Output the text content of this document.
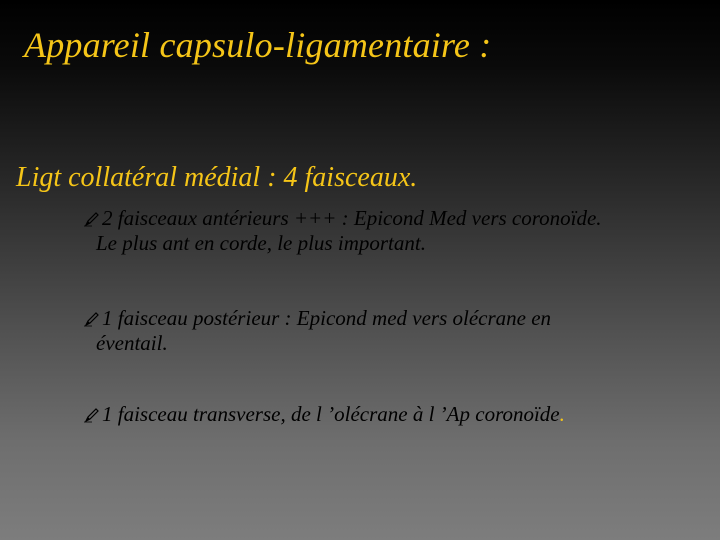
Appareil capsulo-ligamentaire :

Ligt collatéral médial : 4 faisceaux.

2 faisceaux antérieurs +++ : Epicond Med vers coronoïde.
Le plus ant en corde, le plus important.
1 faisceau postérieur : Epicond med vers olécrane en
éventail.
1 faisceau transverse, de l ’olécrane à l ’Ap coronoïde.
